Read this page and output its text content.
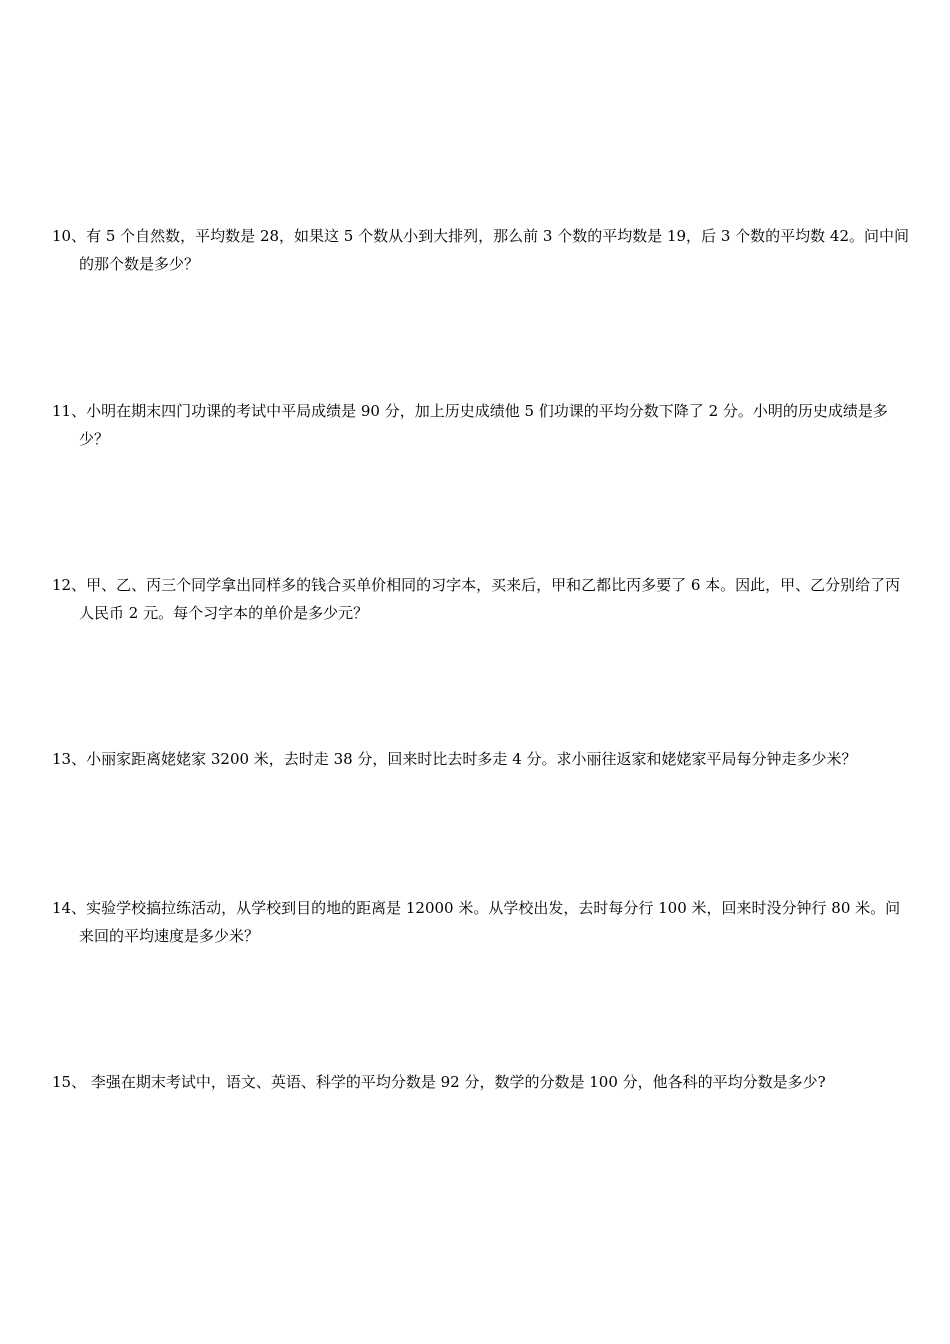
10、有 5 个自然数，平均数是 28，如果这 5 个数从小到大排列，那么前 3 个数的平均数是 19，后 3 个数的平均数 42。问中间的那个数是多少？
11、小明在期末四门功课的考试中平局成绩是 90 分，加上历史成绩他 5 们功课的平均分数下降了 2 分。小明的历史成绩是多少？
12、甲、乙、丙三个同学拿出同样多的钱合买单价相同的习字本，买来后，甲和乙都比丙多要了 6 本。因此，甲、乙分别给了丙人民币 2 元。每个习字本的单价是多少元？
13、小丽家距离姥姥家 3200 米，去时走 38 分，回来时比去时多走 4 分。求小丽往返家和姥姥家平局每分钟走多少米？
14、实验学校搞拉练活动，从学校到目的地的距离是 12000 米。从学校出发，去时每分行 100 米，回来时没分钟行 80 米。问来回的平均速度是多少米？
15、 李强在期末考试中，语文、英语、科学的平均分数是 92 分，数学的分数是 100 分，他各科的平均分数是多少?
